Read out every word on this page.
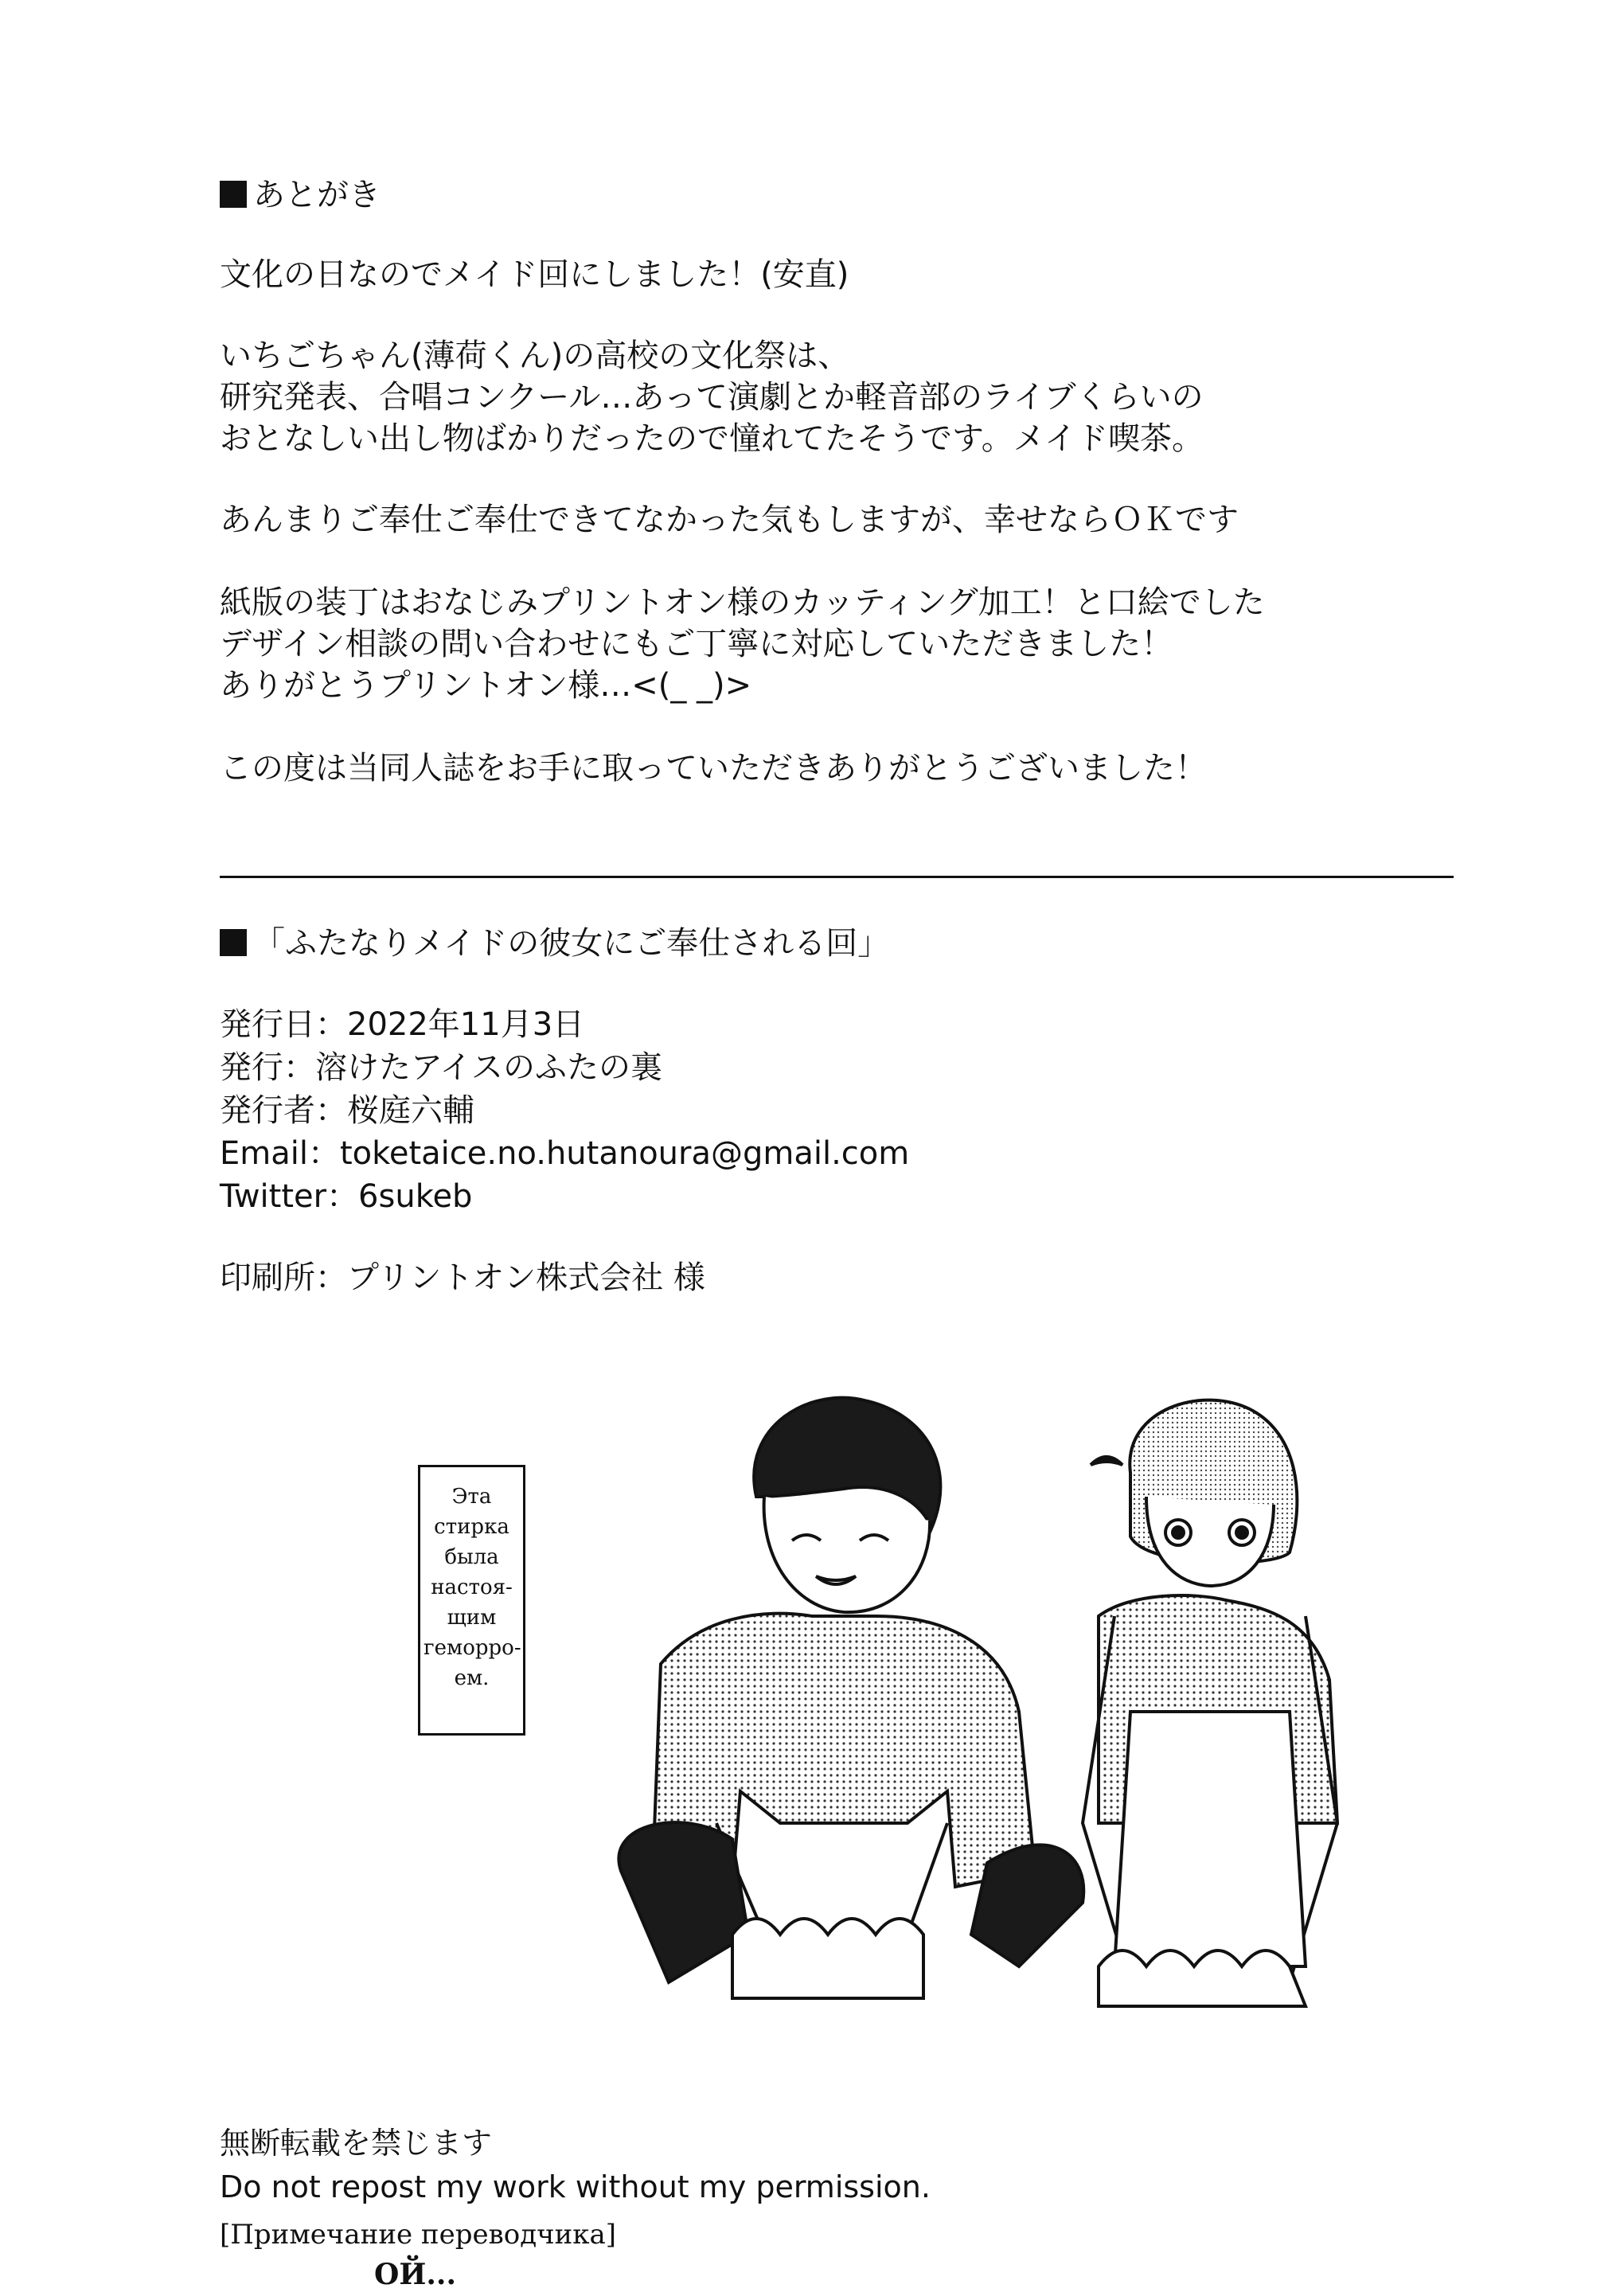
あとがき
文化の日なのでメイド回にしました！(安直)
いちごちゃん(薄荷くん)の高校の文化祭は、
研究発表、合唱コンクール…あって演劇とか軽音部のライブくらいの
おとなしい出し物ばかりだったので憧れてたそうです。メイド喫茶。
あんまりご奉仕ご奉仕できてなかった気もしますが、幸せならＯＫです
紙版の装丁はおなじみプリントオン様のカッティング加工！と口絵でした
デザイン相談の問い合わせにもご丁寧に対応していただきました！
ありがとうプリントオン様…<(_ _)>
この度は当同人誌をお手に取っていただきありがとうございました！
「ふたなりメイドの彼女にご奉仕される回」
発行日：2022年11月3日
発行：溶けたアイスのふたの裏
発行者：桜庭六輔
Email：toketaice.no.hutanoura@gmail.com
Twitter：6sukeb
印刷所：プリントオン株式会社 様
Эта
стирка
была
настоя-
щим
геморро-
ем.
無断転載を禁じます
Do not repost my work without my permission.
[Примечание переводчика]
ОЙ...
